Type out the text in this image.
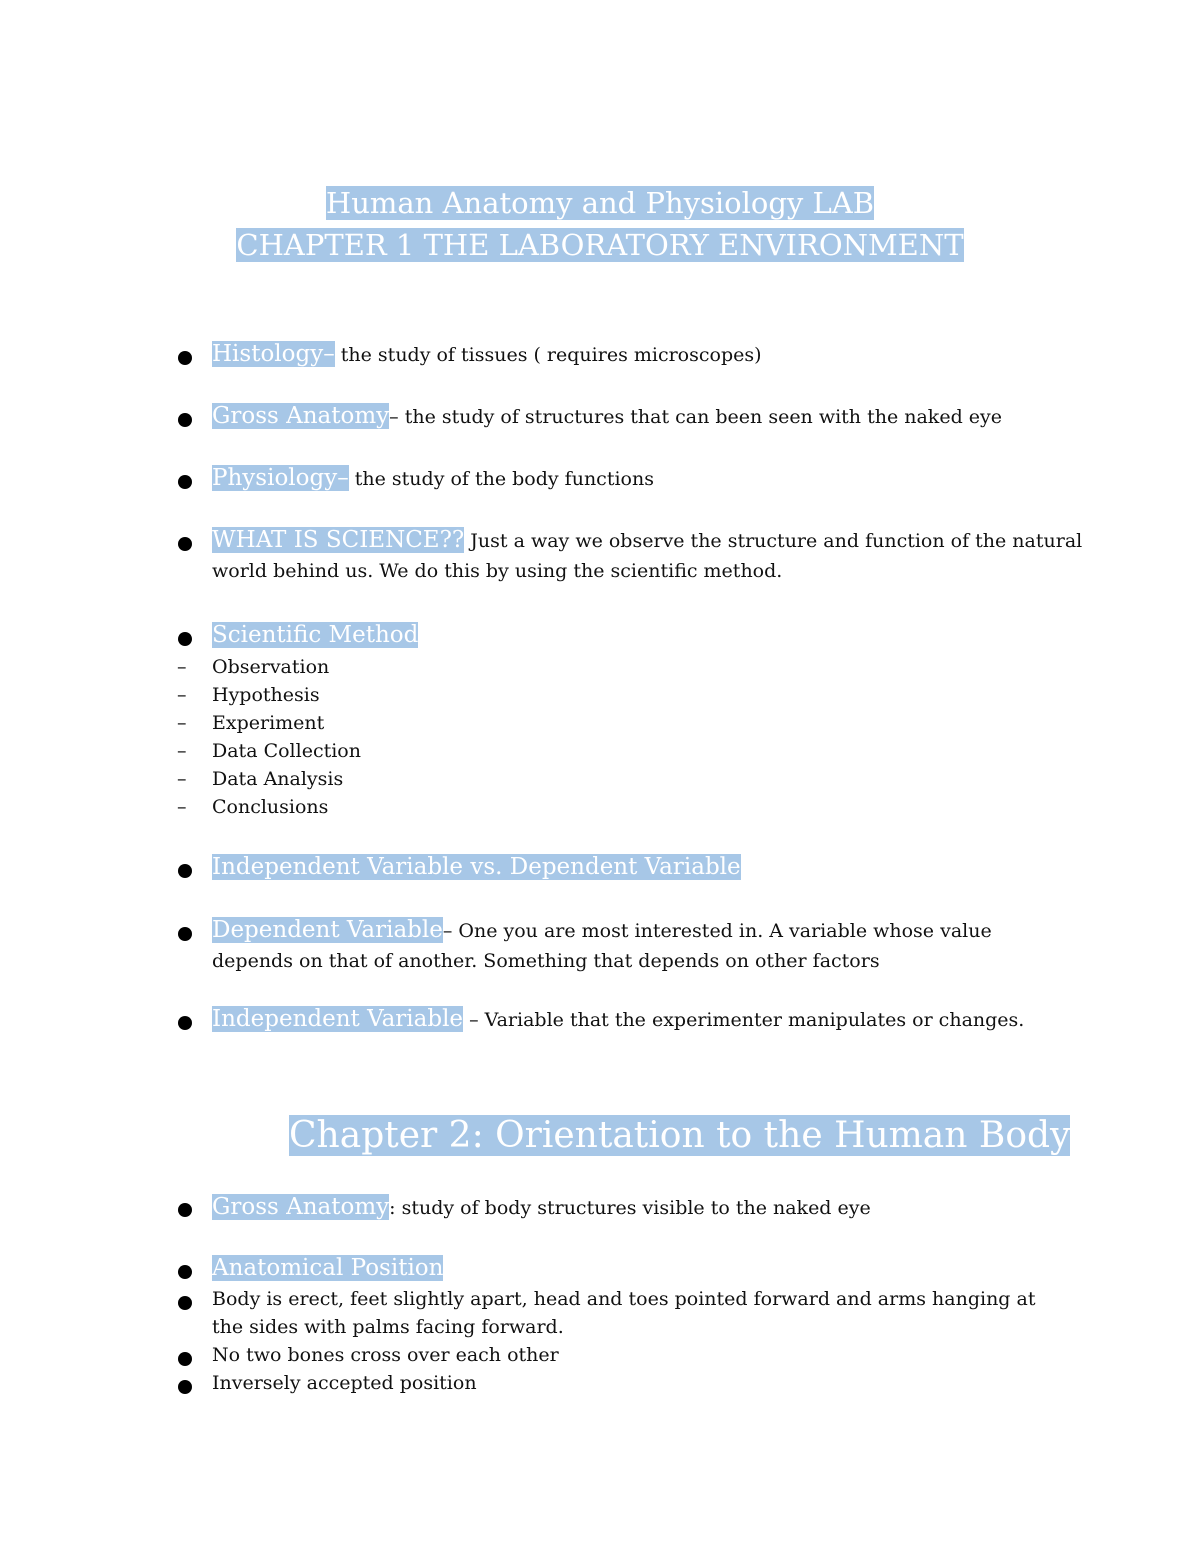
Human Anatomy and Physiology LAB
CHAPTER 1 THE LABORATORY ENVIRONMENT
Histology– the study of tissues ( requires microscopes)
Gross Anatomy– the study of structures that can been seen with the naked eye
Physiology– the study of the body functions
WHAT IS SCIENCE?? Just a way we observe the structure and function of the natural
world behind us. We do this by using the scientific method.
Scientific Method
– Observation
– Hypothesis
– Experiment
– Data Collection
– Data Analysis
– Conclusions
Independent Variable vs. Dependent Variable
Dependent Variable– One you are most interested in. A variable whose value
depends on that of another. Something that depends on other factors
Independent Variable – Variable that the experimenter manipulates or changes.
Chapter 2: Orientation to the Human Body
Gross Anatomy: study of body structures visible to the naked eye
Anatomical Position
Body is erect, feet slightly apart, head and toes pointed forward and arms hanging at
the sides with palms facing forward.
No two bones cross over each other
Inversely accepted position
